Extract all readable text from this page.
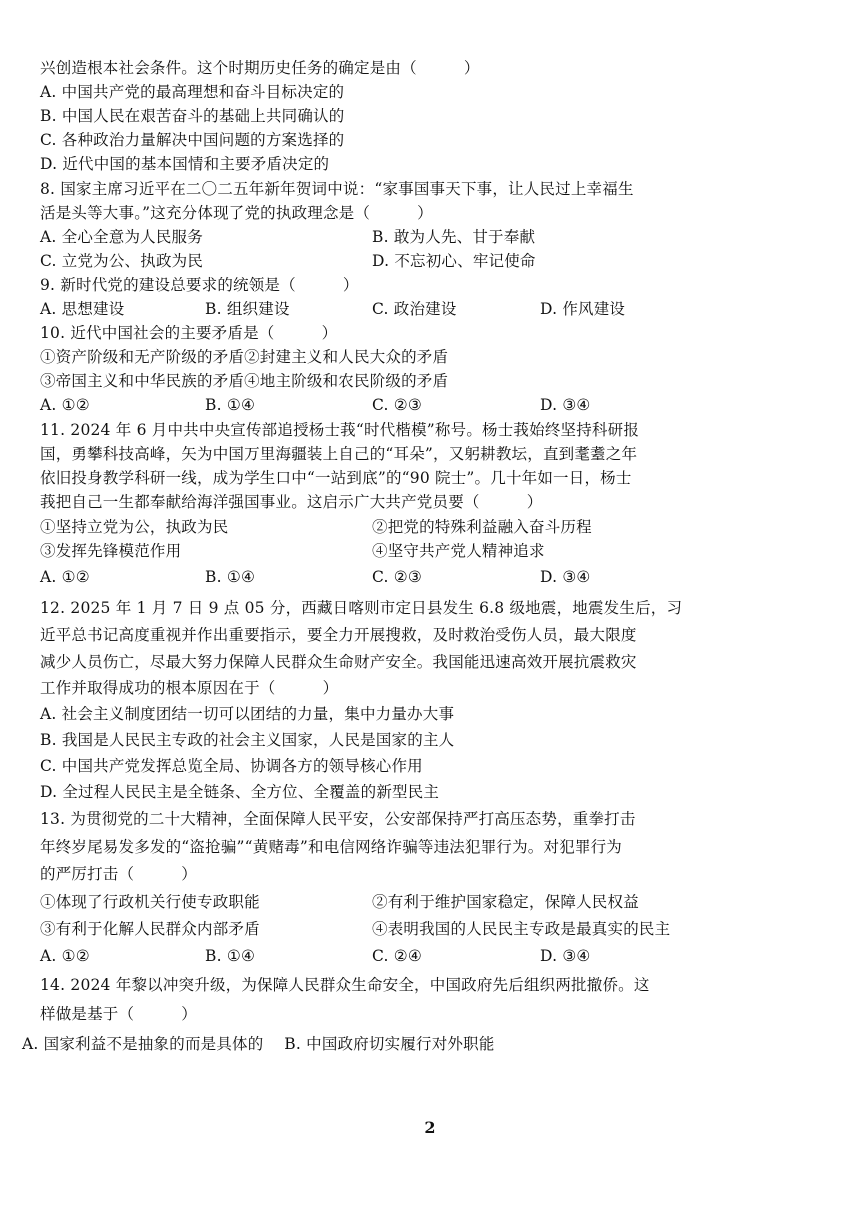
兴创造根本社会条件。这个时期历史任务的确定是由（　　　）
A. 中国共产党的最高理想和奋斗目标决定的
B. 中国人民在艰苦奋斗的基础上共同确认的
C. 各种政治力量解决中国问题的方案选择的
D. 近代中国的基本国情和主要矛盾决定的
8. 国家主席习近平在二〇二五年新年贺词中说：“家事国事天下事，让人民过上幸福生
活是头等大事。”这充分体现了党的执政理念是（　　　）
A. 全心全意为人民服务	B. 敢为人先、甘于奉献
C. 立党为公、执政为民	D. 不忘初心、牢记使命
9. 新时代党的建设总要求的统领是（　　　）
A. 思想建设	B. 组织建设	C. 政治建设	D. 作风建设
10. 近代中国社会的主要矛盾是（　　　）
①资产阶级和无产阶级的矛盾②封建主义和人民大众的矛盾
③帝国主义和中华民族的矛盾④地主阶级和农民阶级的矛盾
A. ①②	B. ①④	C. ②③	D. ③④
11. 2024 年 6 月中共中央宣传部追授杨士莪“时代楷模”称号。杨士莪始终坚持科研报
国，勇攀科技高峰，矢为中国万里海疆装上自己的“耳朵”，又躬耕教坛，直到耄耋之年
依旧投身教学科研一线，成为学生口中“一站到底”的“90 院士”。几十年如一日，杨士
莪把自己一生都奉献给海洋强国事业。这启示广大共产党员要（　　　）
①坚持立党为公，执政为民	②把党的特殊利益融入奋斗历程
③发挥先锋模范作用	④坚守共产党人精神追求
A. ①②	B. ①④	C. ②③	D. ③④
12. 2025 年 1 月 7 日 9 点 05 分，西藏日喀则市定日县发生 6.8 级地震，地震发生后，习
近平总书记高度重视并作出重要指示，要全力开展搜救，及时救治受伤人员，最大限度
减少人员伤亡，尽最大努力保障人民群众生命财产安全。我国能迅速高效开展抗震救灾
工作并取得成功的根本原因在于（　　　）
A. 社会主义制度团结一切可以团结的力量，集中力量办大事
B. 我国是人民民主专政的社会主义国家，人民是国家的主人
C. 中国共产党发挥总览全局、协调各方的领导核心作用
D. 全过程人民民主是全链条、全方位、全覆盖的新型民主
13. 为贯彻党的二十大精神，全面保障人民平安，公安部保持严打高压态势，重拳打击
年终岁尾易发多发的“盗抢骗”“黄赌毒”和电信网络诈骗等违法犯罪行为。对犯罪行为
的严厉打击（　　　）
①体现了行政机关行使专政职能	②有利于维护国家稳定，保障人民权益
③有利于化解人民群众内部矛盾	④表明我国的人民民主专政是最真实的民主
A. ①②	B. ①④	C. ②④	D. ③④
14. 2024 年黎以冲突升级，为保障人民群众生命安全，中国政府先后组织两批撤侨。这
样做是基于（　　　）
A. 国家利益不是抽象的而是具体的　 B. 中国政府切实履行对外职能
2
